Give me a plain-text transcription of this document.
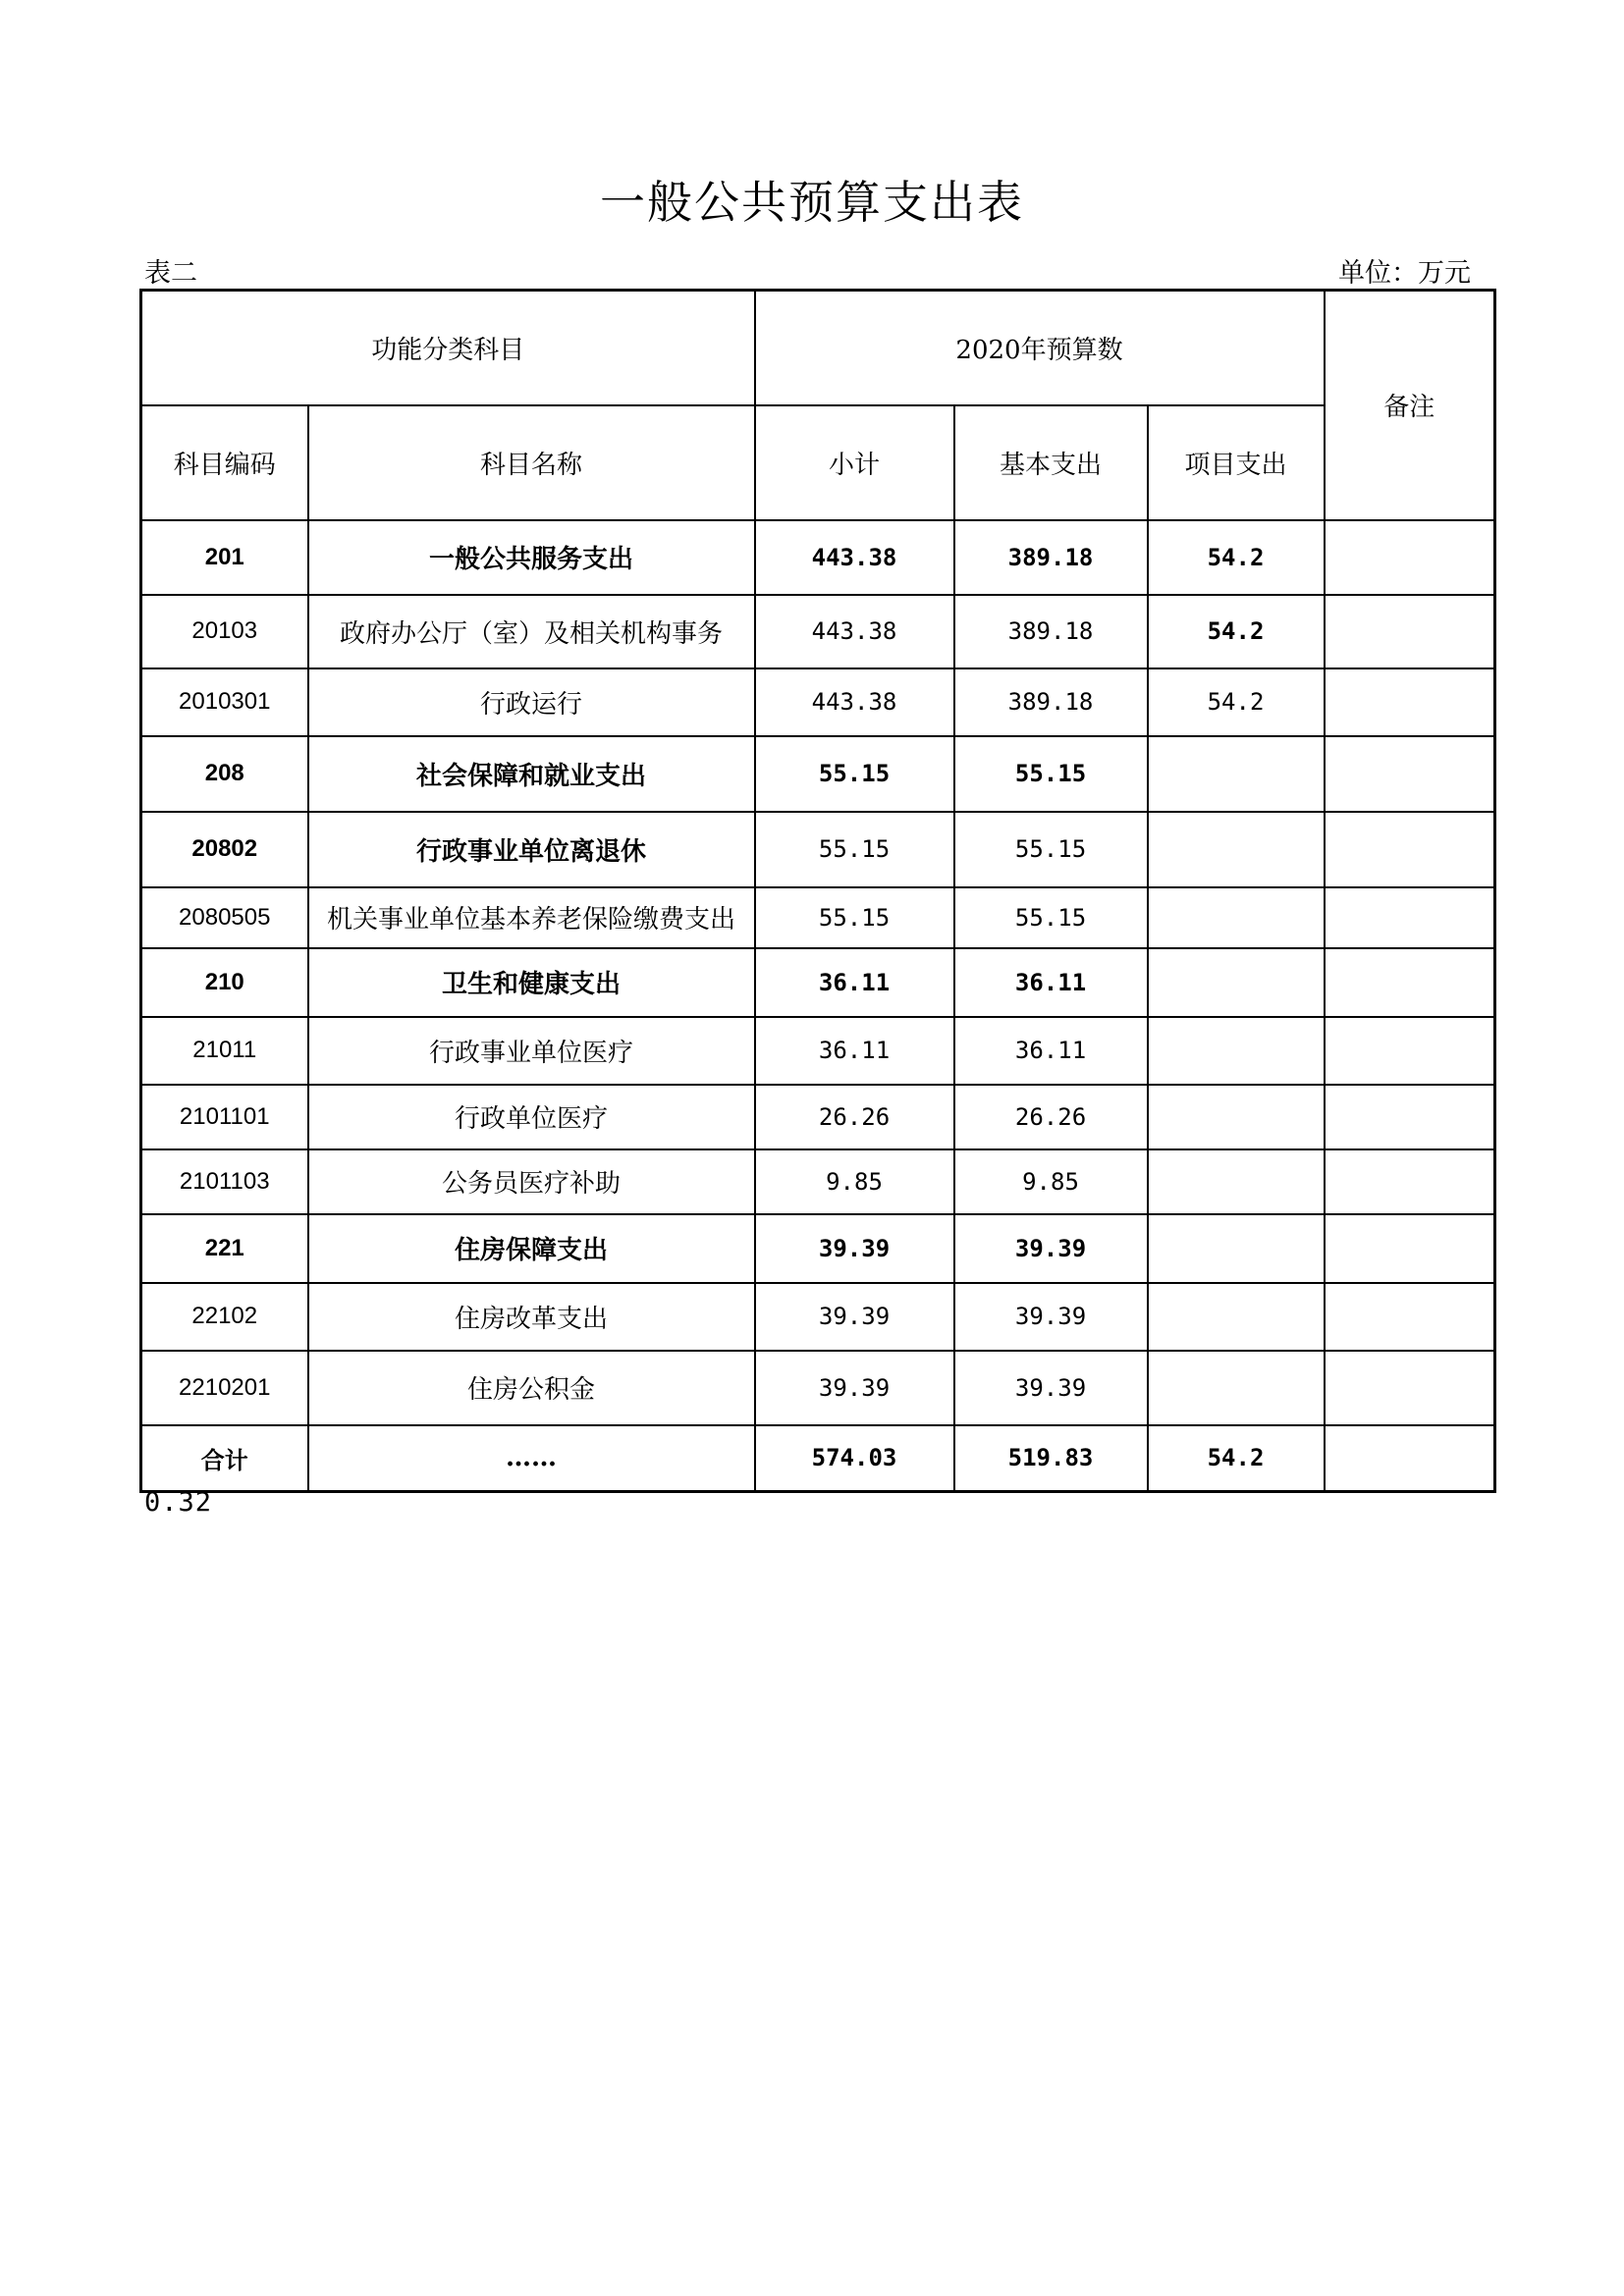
一般公共预算支出表
表二	单位：万元
功能分类科目		2020年预算数			备注
科目编码	科目名称	小计	基本支出	项目支出	
201	一般公共服务支出	443.38	389.18	54.2	
20103	政府办公厅（室）及相关机构事务	443.38	389.18	54.2	
2010301	行政运行	443.38	389.18	54.2	
208	社会保障和就业支出	55.15	55.15		
20802	行政事业单位离退休	55.15	55.15		
2080505	机关事业单位基本养老保险缴费支出	55.15	55.15		
210	卫生和健康支出	36.11	36.11		
21011	行政事业单位医疗	36.11	36.11		
2101101	行政单位医疗	26.26	26.26		
2101103	公务员医疗补助	9.85	9.85		
221	住房保障支出	39.39	39.39		
22102	住房改革支出	39.39	39.39		
2210201	住房公积金	39.39	39.39		
合计	……	574.03	519.83	54.2	
0.32
